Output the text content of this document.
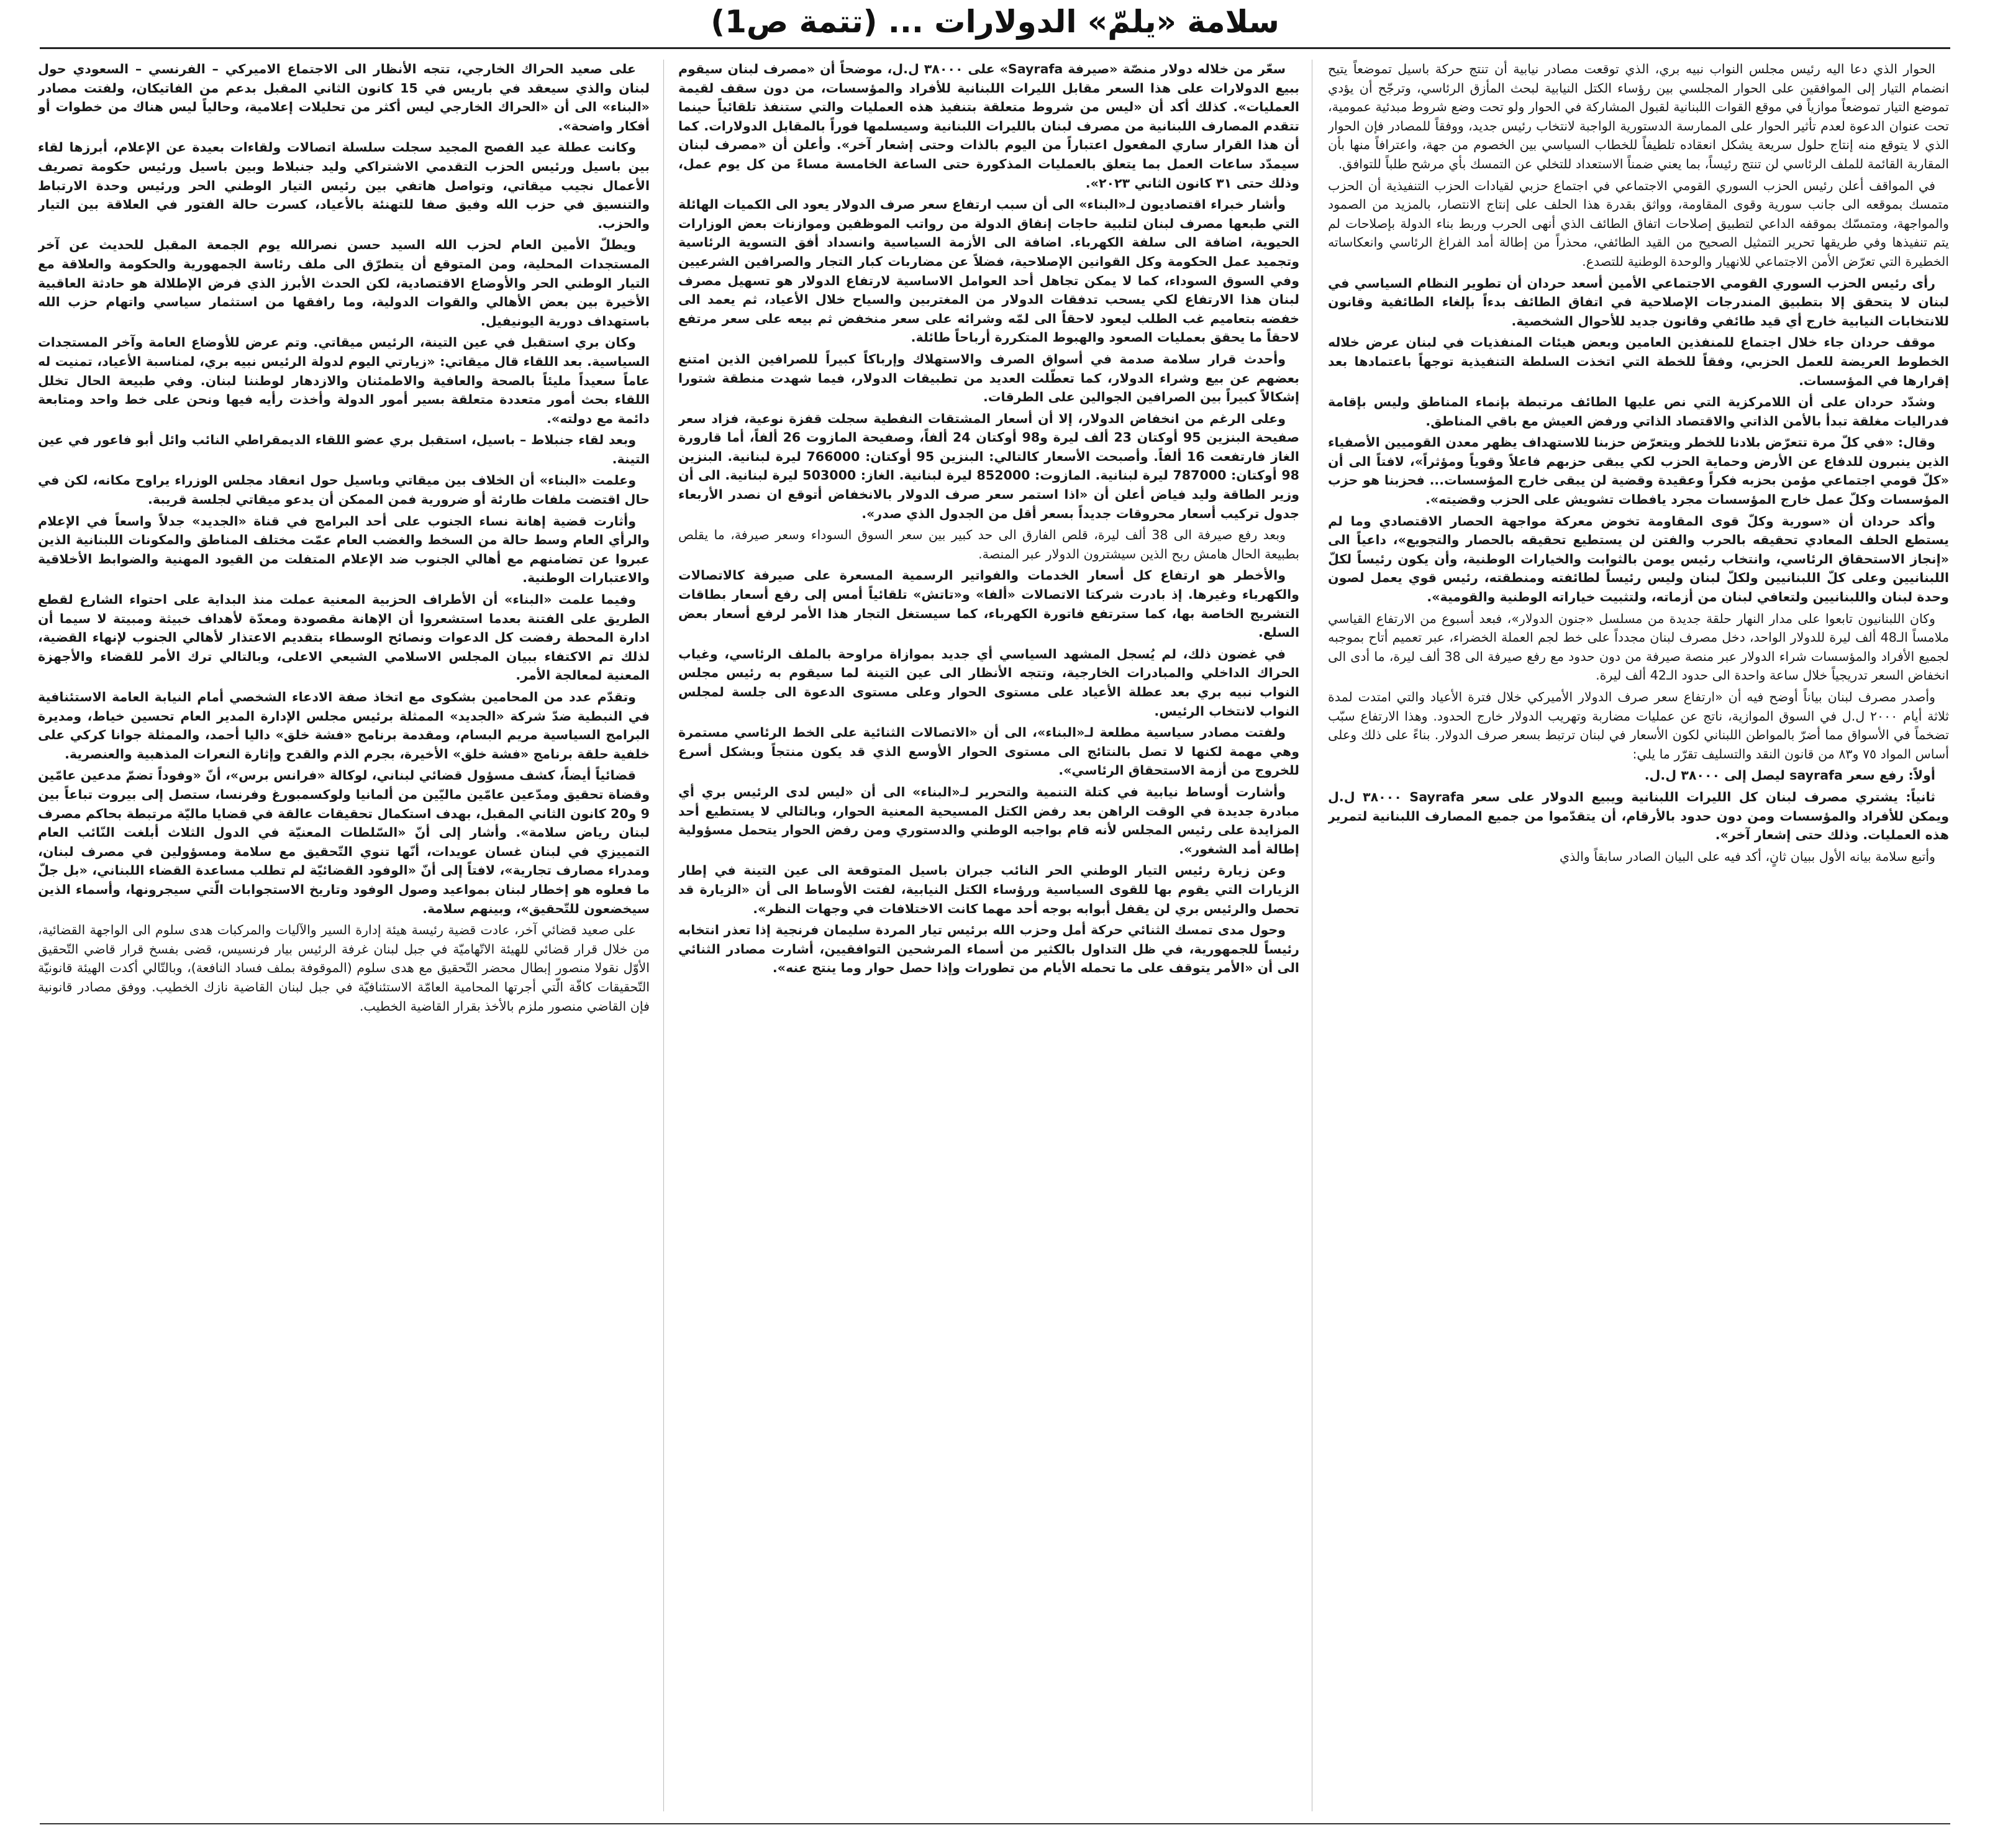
سلامة «يلمّ» الدولارات ... (تتمة ص1)

الحوار الذي دعا اليه رئيس مجلس النواب نبيه بري، الذي توقعت مصادر نيابية أن تنتج حركة باسيل تموضعاً يتيح انضمام التيار إلى الموافقين على الحوار المجلسي بين رؤساء الكتل النيابية لبحث المأزق الرئاسي، وترجّح أن يؤدي تموضع التيار تموضعاً موازياً في موقع القوات اللبنانية لقبول المشاركة في الحوار ولو تحت وضع شروط مبدئية عمومية، تحت عنوان الدعوة لعدم تأثير الحوار على الممارسة الدستورية الواجبة لانتخاب رئيس جديد، ووفقاً للمصادر فإن الحوار الذي لا يتوقع منه إنتاج حلول سريعة يشكل انعقاده تلطيفاً للخطاب السياسي بين الخصوم من جهة، واعترافاً منها بأن المقاربة القائمة للملف الرئاسي لن تنتج رئيساً، بما يعني ضمناً الاستعداد للتخلي عن التمسك بأي مرشح طلباً للتوافق.

في المواقف أعلن رئيس الحزب السوري القومي الاجتماعي في اجتماع حزبي لقيادات الحزب التنفيذية أن الحزب متمسك بموقعه الى جانب سورية وقوى المقاومة، وواثق بقدرة هذا الحلف على إنتاج الانتصار، بالمزيد من الصمود والمواجهة، ومتمسّك بموقفه الداعي لتطبيق إصلاحات اتفاق الطائف الذي أنهى الحرب وربط بناء الدولة بإصلاحات لم يتم تنفيذها وفي طريقها تحرير التمثيل الصحيح من القيد الطائفي، محذراً من إطالة أمد الفراغ الرئاسي وانعكاساته الخطيرة التي تعرّض الأمن الاجتماعي للانهيار والوحدة الوطنية للتصدع.

رأى رئيس الحزب السوري القومي الاجتماعي الأمين أسعد حردان أن تطوير النظام السياسي في لبنان لا يتحقق إلا بتطبيق المندرجات الإصلاحية في اتفاق الطائف بدءاً بإلغاء الطائفية وقانون للانتخابات النيابية خارج أي قيد طائفي وقانون جديد للأحوال الشخصية.

موقف حردان جاء خلال اجتماع للمنفذين العامين وبعض هيئات المنفذيات في لبنان عرض خلاله الخطوط العريضة للعمل الحزبي، وفقاً للخطة التي اتخذت السلطة التنفيذية توجهاً باعتمادها بعد إقرارها في المؤسسات.

وشدّد حردان على أن اللامركزية التي نص عليها الطائف مرتبطة بإنماء المناطق وليس بإقامة فدراليات مغلقة تبدأ بالأمن الذاتي والاقتصاد الذاتي ورفض العيش مع باقي المناطق.

وقال: «في كلّ مرة تتعرّض بلادنا للخطر ويتعرّض حزبنا للاستهداف يظهر معدن القوميين الأصفياء الذين ينبرون للدفاع عن الأرض وحماية الحزب لكي يبقى حزبهم فاعلاً وقوياً ومؤثراً»، لافتاً الى أن «كلّ قومي اجتماعي مؤمن بحزبه فكراً وعقيدة وقضية لن يبقى خارج المؤسسات... فحزبنا هو حزب المؤسسات وكلّ عمل خارج المؤسسات مجرد يافطات تشويش على الحزب وقضيته».

وأكد حردان أن «سورية وكلّ قوى المقاومة تخوض معركة مواجهة الحصار الاقتصادي وما لم يستطع الحلف المعادي تحقيقه بالحرب والفتن لن يستطيع تحقيقه بالحصار والتجويع»، داعياً الى «إنجاز الاستحقاق الرئاسي، وانتخاب رئيس يومن بالثوابت والخيارات الوطنية، وأن يكون رئيساً لكلّ اللبنانيين وعلى كلّ اللبنانيين ولكلّ لبنان وليس رئيساً لطائفته ومنطقته، رئيس قوي يعمل لصون وحدة لبنان واللبنانيين ولتعافي لبنان من أزماته، ولتثبيت خياراته الوطنية والقومية».

وكان اللبنانيون تابعوا على مدار النهار حلقة جديدة من مسلسل «جنون الدولار»، فبعد أسبوع من الارتفاع القياسي ملامساً الـ48 ألف ليرة للدولار الواحد، دخل مصرف لبنان مجدداً على خط لجم العملة الخضراء، عبر تعميم أتاح بموجبه لجميع الأفراد والمؤسسات شراء الدولار عبر منصة صيرفة من دون حدود مع رفع صيرفة الى 38 ألف ليرة، ما أدى الى انخفاض السعر تدريجياً خلال ساعة واحدة الى حدود الـ42 ألف ليرة.

وأصدر مصرف لبنان بياناً أوضح فيه أن «ارتفاع سعر صرف الدولار الأميركي خلال فترة الأعياد والتي امتدت لمدة ثلاثة أيام ٢٠٠٠ ل.ل في السوق الموازية، ناتج عن عمليات مضاربة وتهريب الدولار خارج الحدود. وهذا الارتفاع سبّب تضخماً في الأسواق مما أضرّ بالمواطن اللبناني لكون الأسعار في لبنان ترتبط بسعر صرف الدولار. بناءً على ذلك وعلى أساس المواد ٧٥ و٨٣ من قانون النقد والتسليف تقرّر ما يلي:

أولاً: رفع سعر sayrafa ليصل إلى ٣٨٠٠٠ ل.ل.

ثانياً: يشتري مصرف لبنان كل الليرات اللبنانية ويبيع الدولار على سعر Sayrafa ٣٨٠٠٠ ل.ل ويمكن للأفراد والمؤسسات ومن دون حدود بالأرقام، أن يتقدّموا من جميع المصارف اللبنانية لتمرير هذه العمليات. وذلك حتى إشعار آخر».

وأتبع سلامة بيانه الأول ببيان ثانٍ، أكد فيه على البيان الصادر سابقاً والذي

سعّر من خلاله دولار منصّة «صيرفة Sayrafa» على ٣٨٠٠٠ ل.ل، موضحاً أن «مصرف لبنان سيقوم ببيع الدولارات على هذا السعر مقابل الليرات اللبنانية للأفراد والمؤسسات، من دون سقف لقيمة العمليات». كذلك أكد أن «ليس من شروط متعلقة بتنفيذ هذه العمليات والتي ستنفذ تلقائياً حينما تتقدم المصارف اللبنانية من مصرف لبنان بالليرات اللبنانية وسيسلمها فوراً بالمقابل الدولارات. كما أن هذا القرار ساري المفعول اعتباراً من اليوم بالذات وحتى إشعار آخر». وأعلن أن «مصرف لبنان سيمدّد ساعات العمل بما يتعلق بالعمليات المذكورة حتى الساعة الخامسة مساءً من كل يوم عمل، وذلك حتى ٣١ كانون الثاني ٢٠٢٣».

وأشار خبراء اقتصاديون لـ«البناء» الى أن سبب ارتفاع سعر صرف الدولار يعود الى الكميات الهائلة التي طبعها مصرف لبنان لتلبية حاجات إنفاق الدولة من رواتب الموظفين وموازنات بعض الوزارات الحيوية، اضافة الى سلفة الكهرباء. اضافة الى الأزمة السياسية وانسداد أفق التسوية الرئاسية وتجميد عمل الحكومة وكل القوانين الإصلاحية، فضلاً عن مضاربات كبار التجار والصرافين الشرعيين وفي السوق السوداء، كما لا يمكن تجاهل أحد العوامل الاساسية لارتفاع الدولار هو تسهيل مصرف لبنان هذا الارتفاع لكي يسحب تدفقات الدولار من المغتربين والسياح خلال الأعياد، ثم يعمد الى خفضه بتعاميم غب الطلب ليعود لاحقاً الى لمّه وشرائه على سعر منخفض ثم بيعه على سعر مرتفع لاحقاً ما يحقق بعمليات الصعود والهبوط المتكررة أرباحاً طائلة.

وأحدث قرار سلامة صدمة في أسواق الصرف والاستهلاك وإرباكاً كبيراً للصرافين الذين امتنع بعضهم عن بيع وشراء الدولار، كما تعطّلت العديد من تطبيقات الدولار، فيما شهدت منطقة شتورا إشكالاً كبيراً بين الصرافين الجوالين على الطرقات.

وعلى الرغم من انخفاض الدولار، إلا أن أسعار المشتقات النفطية سجلت قفزة نوعية، فزاد سعر صفيحة البنزين 95 أوكتان 23 ألف ليرة و98 أوكتان 24 ألفاً، وصفيحة المازوت 26 ألفاً، أما قارورة الغاز فارتفعت 16 ألفاً. وأصبحت الأسعار كالتالي: البنزين 95 أوكتان: 766000 ليرة لبنانية. البنزين 98 أوكتان: 787000 ليرة لبنانية. المازوت: 852000 ليرة لبنانية. الغاز: 503000 ليرة لبنانية. الى أن وزير الطاقة وليد فياض أعلن أن «اذا استمر سعر صرف الدولار بالانخفاض أتوقع ان نصدر الأربعاء جدول تركيب أسعار محروقات جديداً بسعر أقل من الجدول الذي صدر».

وبعد رفع صيرفة الى 38 ألف ليرة، قلص الفارق الى حد كبير بين سعر السوق السوداء وسعر صيرفة، ما يقلص بطبيعة الحال هامش ربح الذين سيشترون الدولار عبر المنصة.

والأخطر هو ارتفاع كل أسعار الخدمات والفواتير الرسمية المسعرة على صيرفة كالاتصالات والكهرباء وغيرها. إذ بادرت شركتا الاتصالات «ألفا» و«تاتش» تلقائياً أمس إلى رفع أسعار بطاقات التشريج الخاصة بها، كما سترتفع فاتورة الكهرباء، كما سيستغل التجار هذا الأمر لرفع أسعار بعض السلع.

في غضون ذلك، لم يُسجل المشهد السياسي أي جديد بموازاة مراوحة بالملف الرئاسي، وغياب الحراك الداخلي والمبادرات الخارجية، وتتجه الأنظار الى عين التينة لما سيقوم به رئيس مجلس النواب نبيه بري بعد عطلة الأعياد على مستوى الحوار وعلى مستوى الدعوة الى جلسة لمجلس النواب لانتخاب الرئيس.

ولفتت مصادر سياسية مطلعة لـ«البناء»، الى أن «الاتصالات الثنائية على الخط الرئاسي مستمرة وهي مهمة لكنها لا تصل بالنتائج الى مستوى الحوار الأوسع الذي قد يكون منتجاً وبشكل أسرع للخروج من أزمة الاستحقاق الرئاسي».

وأشارت أوساط نيابية في كتلة التنمية والتحرير لـ«البناء» الى أن «ليس لدى الرئيس بري أي مبادرة جديدة في الوقت الراهن بعد رفض الكتل المسيحية المعنية الحوار، وبالتالي لا يستطيع أحد المزايدة على رئيس المجلس لأنه قام بواجبه الوطني والدستوري ومن رفض الحوار يتحمل مسؤولية إطالة أمد الشغور».

وعن زيارة رئيس التيار الوطني الحر النائب جبران باسيل المتوقعة الى عين التينة في إطار الزيارات التي يقوم بها للقوى السياسية ورؤساء الكتل النيابية، لفتت الأوساط الى أن «الزيارة قد تحصل والرئيس بري لن يقفل أبوابه بوجه أحد مهما كانت الاختلافات في وجهات النظر».

وحول مدى تمسك الثنائي حركة أمل وحزب الله برئيس تيار المردة سليمان فرنجية إذا تعذر انتخابه رئيساً للجمهورية، في ظل التداول بالكثير من أسماء المرشحين التوافقيين، أشارت مصادر الثنائي الى أن «الأمر يتوقف على ما تحمله الأيام من تطورات وإذا حصل حوار وما ينتج عنه».

على صعيد الحراك الخارجي، تتجه الأنظار الى الاجتماع الاميركي – الفرنسي – السعودي حول لبنان والذي سيعقد في باريس في 15 كانون الثاني المقبل بدعم من الفاتيكان، ولفتت مصادر «البناء» الى أن «الحراك الخارجي ليس أكثر من تحليلات إعلامية، وحالياً ليس هناك من خطوات أو أفكار واضحة».

وكانت عطلة عيد الفصح المجيد سجلت سلسلة اتصالات ولقاءات بعيدة عن الإعلام، أبرزها لقاء بين باسيل ورئيس الحزب التقدمي الاشتراكي وليد جنبلاط وبين باسيل ورئيس حكومة تصريف الأعمال نجيب ميقاتي، وتواصل هاتفي بين رئيس التيار الوطني الحر ورئيس وحدة الارتباط والتنسيق في حزب الله وفيق صفا للتهنئة بالأعياد، كسرت حالة الفتور في العلاقة بين التيار والحزب.

ويطلّ الأمين العام لحزب الله السيد حسن نصرالله يوم الجمعة المقبل للحديث عن آخر المستجدات المحلية، ومن المتوقع أن يتطرّق الى ملف رئاسة الجمهورية والحكومة والعلاقة مع التيار الوطني الحر والأوضاع الاقتصادية، لكن الحدث الأبرز الذي فرض الإطلالة هو حادثة العاقبية الأخيرة بين بعض الأهالي والقوات الدولية، وما رافقها من استثمار سياسي واتهام حزب الله باستهداف دورية اليونيفيل.

وكان بري استقبل في عين التينة، الرئيس ميقاتي. وتم عرض للأوضاع العامة وآخر المستجدات السياسية. بعد اللقاء قال ميقاتي: «زيارتي اليوم لدولة الرئيس نبيه بري، لمناسبة الأعياد، تمنيت له عاماً سعيداً مليئاً بالصحة والعافية والاطمئنان والازدهار لوطننا لبنان. وفي طبيعة الحال تخلل اللقاء بحث أمور متعددة متعلقة بسير أمور الدولة وأخذت رأيه فيها ونحن على خط واحد ومتابعة دائمة مع دولته».

وبعد لقاء جنبلاط – باسيل، استقبل بري عضو اللقاء الديمقراطي النائب وائل أبو فاعور في عين التينة.

وعلمت «البناء» أن الخلاف بين ميقاتي وباسيل حول انعقاد مجلس الوزراء يراوح مكانه، لكن في حال اقتضت ملفات طارئة أو ضرورية فمن الممكن أن يدعو ميقاتي لجلسة قريبة.

وأثارت قضية إهانة نساء الجنوب على أحد البرامج في قناة «الجديد» جدلاً واسعاً في الإعلام والرأي العام وسط حالة من السخط والغضب العام عمّت مختلف المناطق والمكونات اللبنانية الذين عبروا عن تضامنهم مع أهالي الجنوب ضد الإعلام المتفلت من القيود المهنية والضوابط الأخلاقية والاعتبارات الوطنية.

وفيما علمت «البناء» أن الأطراف الحزبية المعنية عملت منذ البداية على احتواء الشارع لقطع الطريق على الفتنة بعدما استشعروا أن الإهانة مقصودة ومعدّة لأهداف خبيثة ومبيتة لا سيما أن ادارة المحطة رفضت كل الدعوات ونصائح الوسطاء بتقديم الاعتذار لأهالي الجنوب لإنهاء القضية، لذلك تم الاكتفاء ببيان المجلس الاسلامي الشيعي الاعلى، وبالتالي ترك الأمر للقضاء والأجهزة المعنية لمعالجة الأمر.

وتقدّم عدد من المحامين بشكوى مع اتخاذ صفة الادعاء الشخصي أمام النيابة العامة الاستئنافية في النبطية ضدّ شركة «الجديد» الممثلة برئيس مجلس الإدارة المدير العام تحسين خياط، ومديرة البرامج السياسية مريم البسام، ومقدمة برنامج «فشة خلق» داليا أحمد، والممثلة جوانا كركي على خلفية حلقة برنامج «فشة خلق» الأخيرة، بجرم الذم والقدح وإثارة النعرات المذهبية والعنصرية.

قضائياً أيضاً، كشف مسؤول قضائي لبناني، لوكالة «فرانس برس»، أنّ «وفوداً تضمّ مدعين عامّين وقضاة تحقيق ومدّعين عامّين ماليّين من ألمانيا ولوكسمبورغ وفرنسا، ستصل إلى بيروت تباعاً بين 9 و20 كانون الثاني المقبل، بهدف استكمال تحقيقات عالقة في قضايا ماليّة مرتبطة بحاكم مصرف لبنان رياض سلامة». وأشار إلى أنّ «السّلطات المعنيّة في الدول الثلاث أبلغت النّائب العام التمييزي في لبنان غسان عويدات، أنّها تنوي التّحقيق مع سلامة ومسؤولين في مصرف لبنان، ومدراء مصارف تجارية»، لافتاً إلى أنّ «الوفود القضائيّة لم تطلب مساعدة القضاء اللبناني، «بل جلّ ما فعلوه هو إخطار لبنان بمواعيد وصول الوفود وتاريخ الاستجوابات الّتي سيجرونها، وأسماء الذين سيخضعون للتّحقيق»، وبينهم سلامة.

على صعيد قضائي آخر، عادت قضية رئيسة هيئة إدارة السير والآليات والمركبات هدى سلوم الى الواجهة القضائية، من خلال قرار قضائي للهيئة الاتّهاميّة في جبل لبنان غرفة الرئيس بيار فرنسيس، قضى بفسخ قرار قاضي التّحقيق الأوّل نقولا منصور إبطال محضر التّحقيق مع هدى سلوم (الموقوفة بملف فساد النافعة)، وبالتّالي أكدت الهيئة قانونيّة التّحقيقات كافّة الّتي أجرتها المحامية العامّة الاستئنافيّة في جبل لبنان القاضية نازك الخطيب. ووفق مصادر قانونية فإن القاضي منصور ملزم بالأخذ بقرار القاضية الخطيب.
